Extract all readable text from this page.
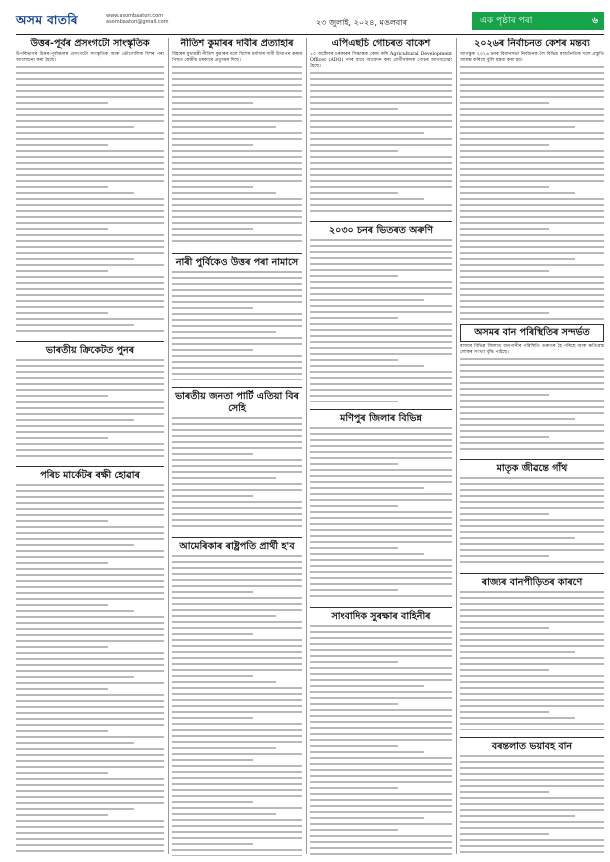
অসম বাতৰি	www.asombaatori.com
asombaatori@gmail.com	২৩ জুলাই, ২০২৪, মঙলবাৰ	এক পৃষ্ঠাৰ পৰা	৬
উত্তৰ-পূৰ্বৰ প্ৰসংগটো সাংস্কৃতিক
উপৰিভাগৰ উত্তৰ-পূৰ্বাঞ্চলৰ প্ৰসংগটো সাংস্কৃতিক আৰু ভৌগোলিক দিশৰ পৰা আলোচনা কৰা হৈছে।
ভাৰতীয় ক্ৰিকেটত পুনৰ
পৰিচ মাৰ্কেটৰ ৰক্ষী হোৱাৰ
নীতিশ কুমাৰৰ দাবীৰ প্ৰত্যাহাৰ
বিহাৰৰ মুখ্যমন্ত্ৰী নীতিশ কুমাৰৰ দলে বিশেষ মৰ্যাদাৰ দাবী উত্থাপন কৰাৰ পিছত কেন্দ্ৰীয় চৰকাৰে প্ৰত্যুত্তৰ দিছে।
নাৰী পুৰ্বিকেও উত্তৰ পৰা নামাসে
ভাৰতীয় জনতা পাৰ্টি এতিয়া বিৰ সেহি
আমেৰিকাৰ ৰাষ্ট্ৰপতি প্ৰাৰ্থী হ'ব
এপিএছচি গোচৰত বাকেশ
১০ অক্টোবৰ চৰকাৰৰ সিদ্ধান্তক কেন্দ্ৰ কৰি Agricultural Development Officer (ADO) পদৰ বাবে আবেদন কৰা প্ৰাৰ্থীসকলৰ গোচৰ আগবঢ়োৱা হৈছে।
২০৩০ চনৰ ভিতৰত অৰুণি
মণিপুৰ জিলাৰ বিভিন্ন
সাংবাদিক সুৰক্ষাৰ বাহিনীৰ
২০২৬ৰ নিৰ্বাচনত কেশৰ মন্তব্য
আগন্তুক ২০২৬ চনৰ বিধানসভা নিৰ্বাচনক লৈ বিভিন্ন ৰাজনৈতিক দলে প্ৰস্তুতি আৰম্ভ কৰিছে বুলি মন্তব্য কৰা হয়।
অসমৰ বান পৰিস্থিতিৰ সন্দৰ্ভত
ৰাজ্যৰ বিভিন্ন জিলাত বানপানীৰ পৰিস্থিতি গুৰুতৰ হৈ পৰিছে আৰু ক্ষতিগ্ৰস্ত লোকৰ সংখ্যা বৃদ্ধি পাইছে।
মাতৃক জীৱন্তে গাঁথ
ৰাজ্যৰ বানপীড়িতৰ কাৰণে
বৰন্তলাত ভয়াবহ বান
